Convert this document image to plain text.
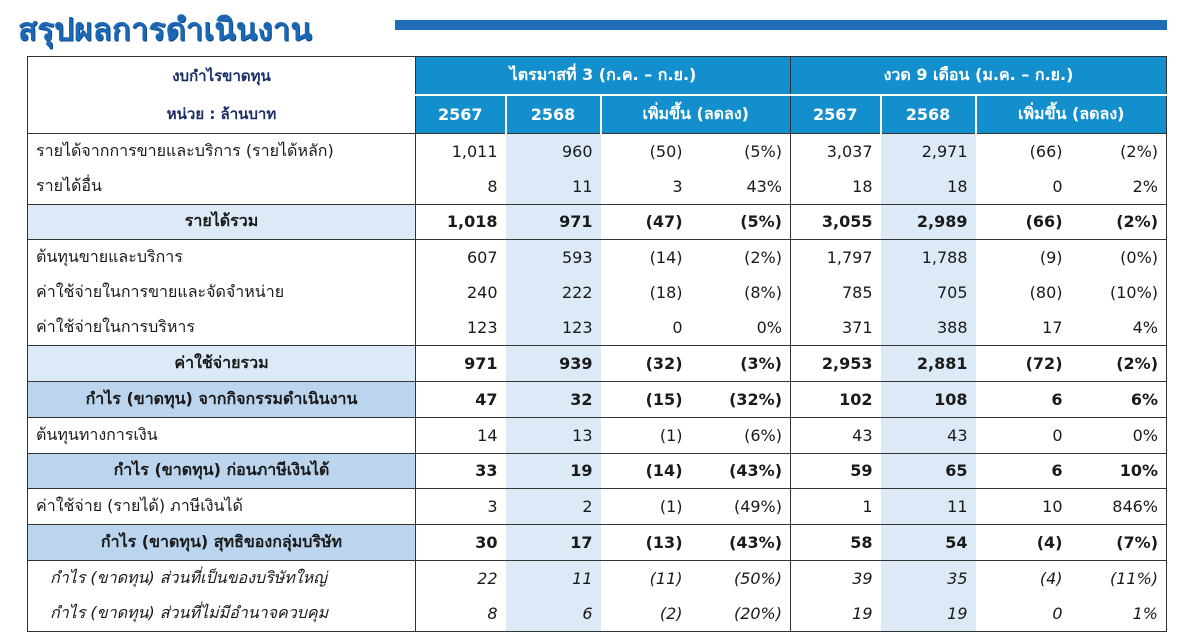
สรุปผลการดำเนินงาน
งบกำไรขาดทุน	ไตรมาสที่ 3 (ก.ค. – ก.ย.)				งวด 9 เดือน (ม.ค. – ก.ย.)			
หน่วย : ล้านบาท	2567	2568	เพิ่มขึ้น (ลดลง)		2567	2568	เพิ่มขึ้น (ลดลง)	
รายได้จากการขายและบริการ (รายได้หลัก)	1,011	960	(50)	(5%)	3,037	2,971	(66)	(2%)
รายได้อื่น	8	11	3	43%	18	18	0	2%
รายได้รวม	1,018	971	(47)	(5%)	3,055	2,989	(66)	(2%)
ต้นทุนขายและบริการ	607	593	(14)	(2%)	1,797	1,788	(9)	(0%)
ค่าใช้จ่ายในการขายและจัดจำหน่าย	240	222	(18)	(8%)	785	705	(80)	(10%)
ค่าใช้จ่ายในการบริหาร	123	123	0	0%	371	388	17	4%
ค่าใช้จ่ายรวม	971	939	(32)	(3%)	2,953	2,881	(72)	(2%)
กำไร (ขาดทุน) จากกิจกรรมดำเนินงาน	47	32	(15)	(32%)	102	108	6	6%
ต้นทุนทางการเงิน	14	13	(1)	(6%)	43	43	0	0%
กำไร (ขาดทุน) ก่อนภาษีเงินได้	33	19	(14)	(43%)	59	65	6	10%
ค่าใช้จ่าย (รายได้) ภาษีเงินได้	3	2	(1)	(49%)	1	11	10	846%
กำไร (ขาดทุน) สุทธิของกลุ่มบริษัท	30	17	(13)	(43%)	58	54	(4)	(7%)
กำไร (ขาดทุน) ส่วนที่เป็นของบริษัทใหญ่	22	11	(11)	(50%)	39	35	(4)	(11%)
กำไร (ขาดทุน) ส่วนที่ไม่มีอำนาจควบคุม	8	6	(2)	(20%)	19	19	0	1%
